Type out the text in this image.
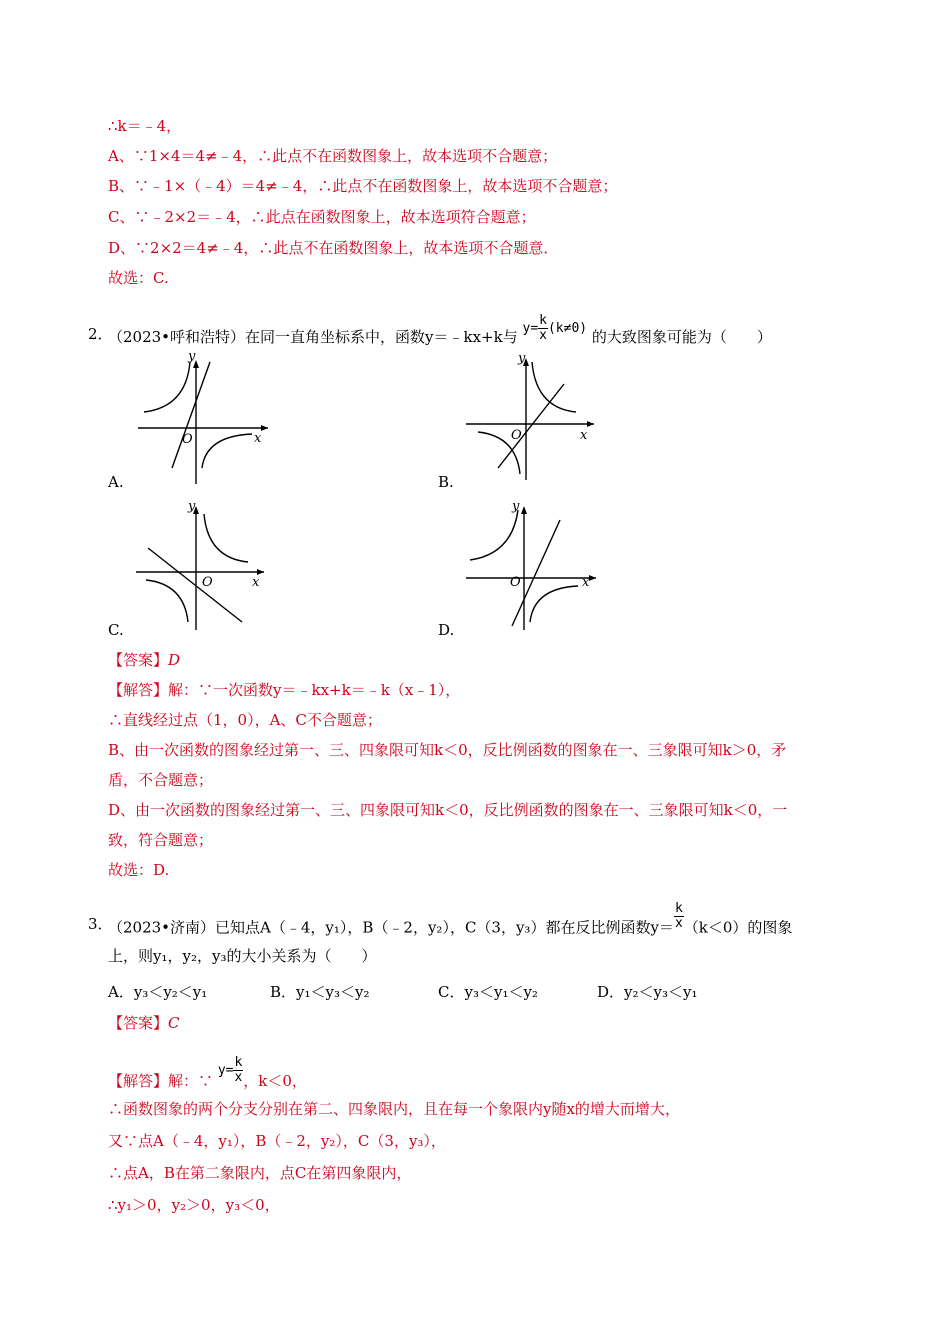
∴k＝﹣4，
A、∵1×4＝4≠﹣4，∴此点不在函数图象上，故本选项不合题意；
B、∵﹣1×（﹣4）＝4≠﹣4，∴此点不在函数图象上，故本选项不合题意；
C、∵﹣2×2＝﹣4，∴此点在函数图象上，故本选项符合题意；
D、∵2×2＝4≠﹣4，∴此点不在函数图象上，故本选项不合题意．
故选：C.
2．
（2023•呼和浩特）在同一直角坐标系中，函数y＝﹣kx+k与 $y= \frac{k}{x} (k\ne 0)$ 的大致图象可能为（　　）
y
x
O
A.
y
x
O
B.
y
x
O
C.
y
x
O
D.
【答案】D
【解答】解：∵一次函数y＝﹣kx+k＝﹣k（x﹣1），
∴直线经过点（1，0），A、C不合题意；
B、由一次函数的图象经过第一、三、四象限可知k＜0，反比例函数的图象在一、三象限可知k＞0，矛
盾，不合题意；
D、由一次函数的图象经过第一、三、四象限可知k＜0，反比例函数的图象在一、三象限可知k＜0，一
致，符合题意；
故选：D.
3．
（2023•济南）已知点A（﹣4，y₁），B（﹣2，y₂），C（3，y₃）都在反比例函数$y= \frac{k}{x} (k<0)$的图象
上，则y₁，y₂，y₃的大小关系为（　　）
A．y₃＜y₂＜y₁	B．y₁＜y₃＜y₂	C．y₃＜y₁＜y₂	D．y₂＜y₃＜y₁
【答案】C
【解答】解：∵ $y= \frac{k}{x}$ ，k＜0，
∴函数图象的两个分支分别在第二、四象限内，且在每一个象限内y随x的增大而增大，
又∵点A（﹣4，y₁），B（﹣2，y₂），C（3，y₃），
∴点A，B在第二象限内，点C在第四象限内，
∴y₁＞0，y₂＞0，y₃＜0，
